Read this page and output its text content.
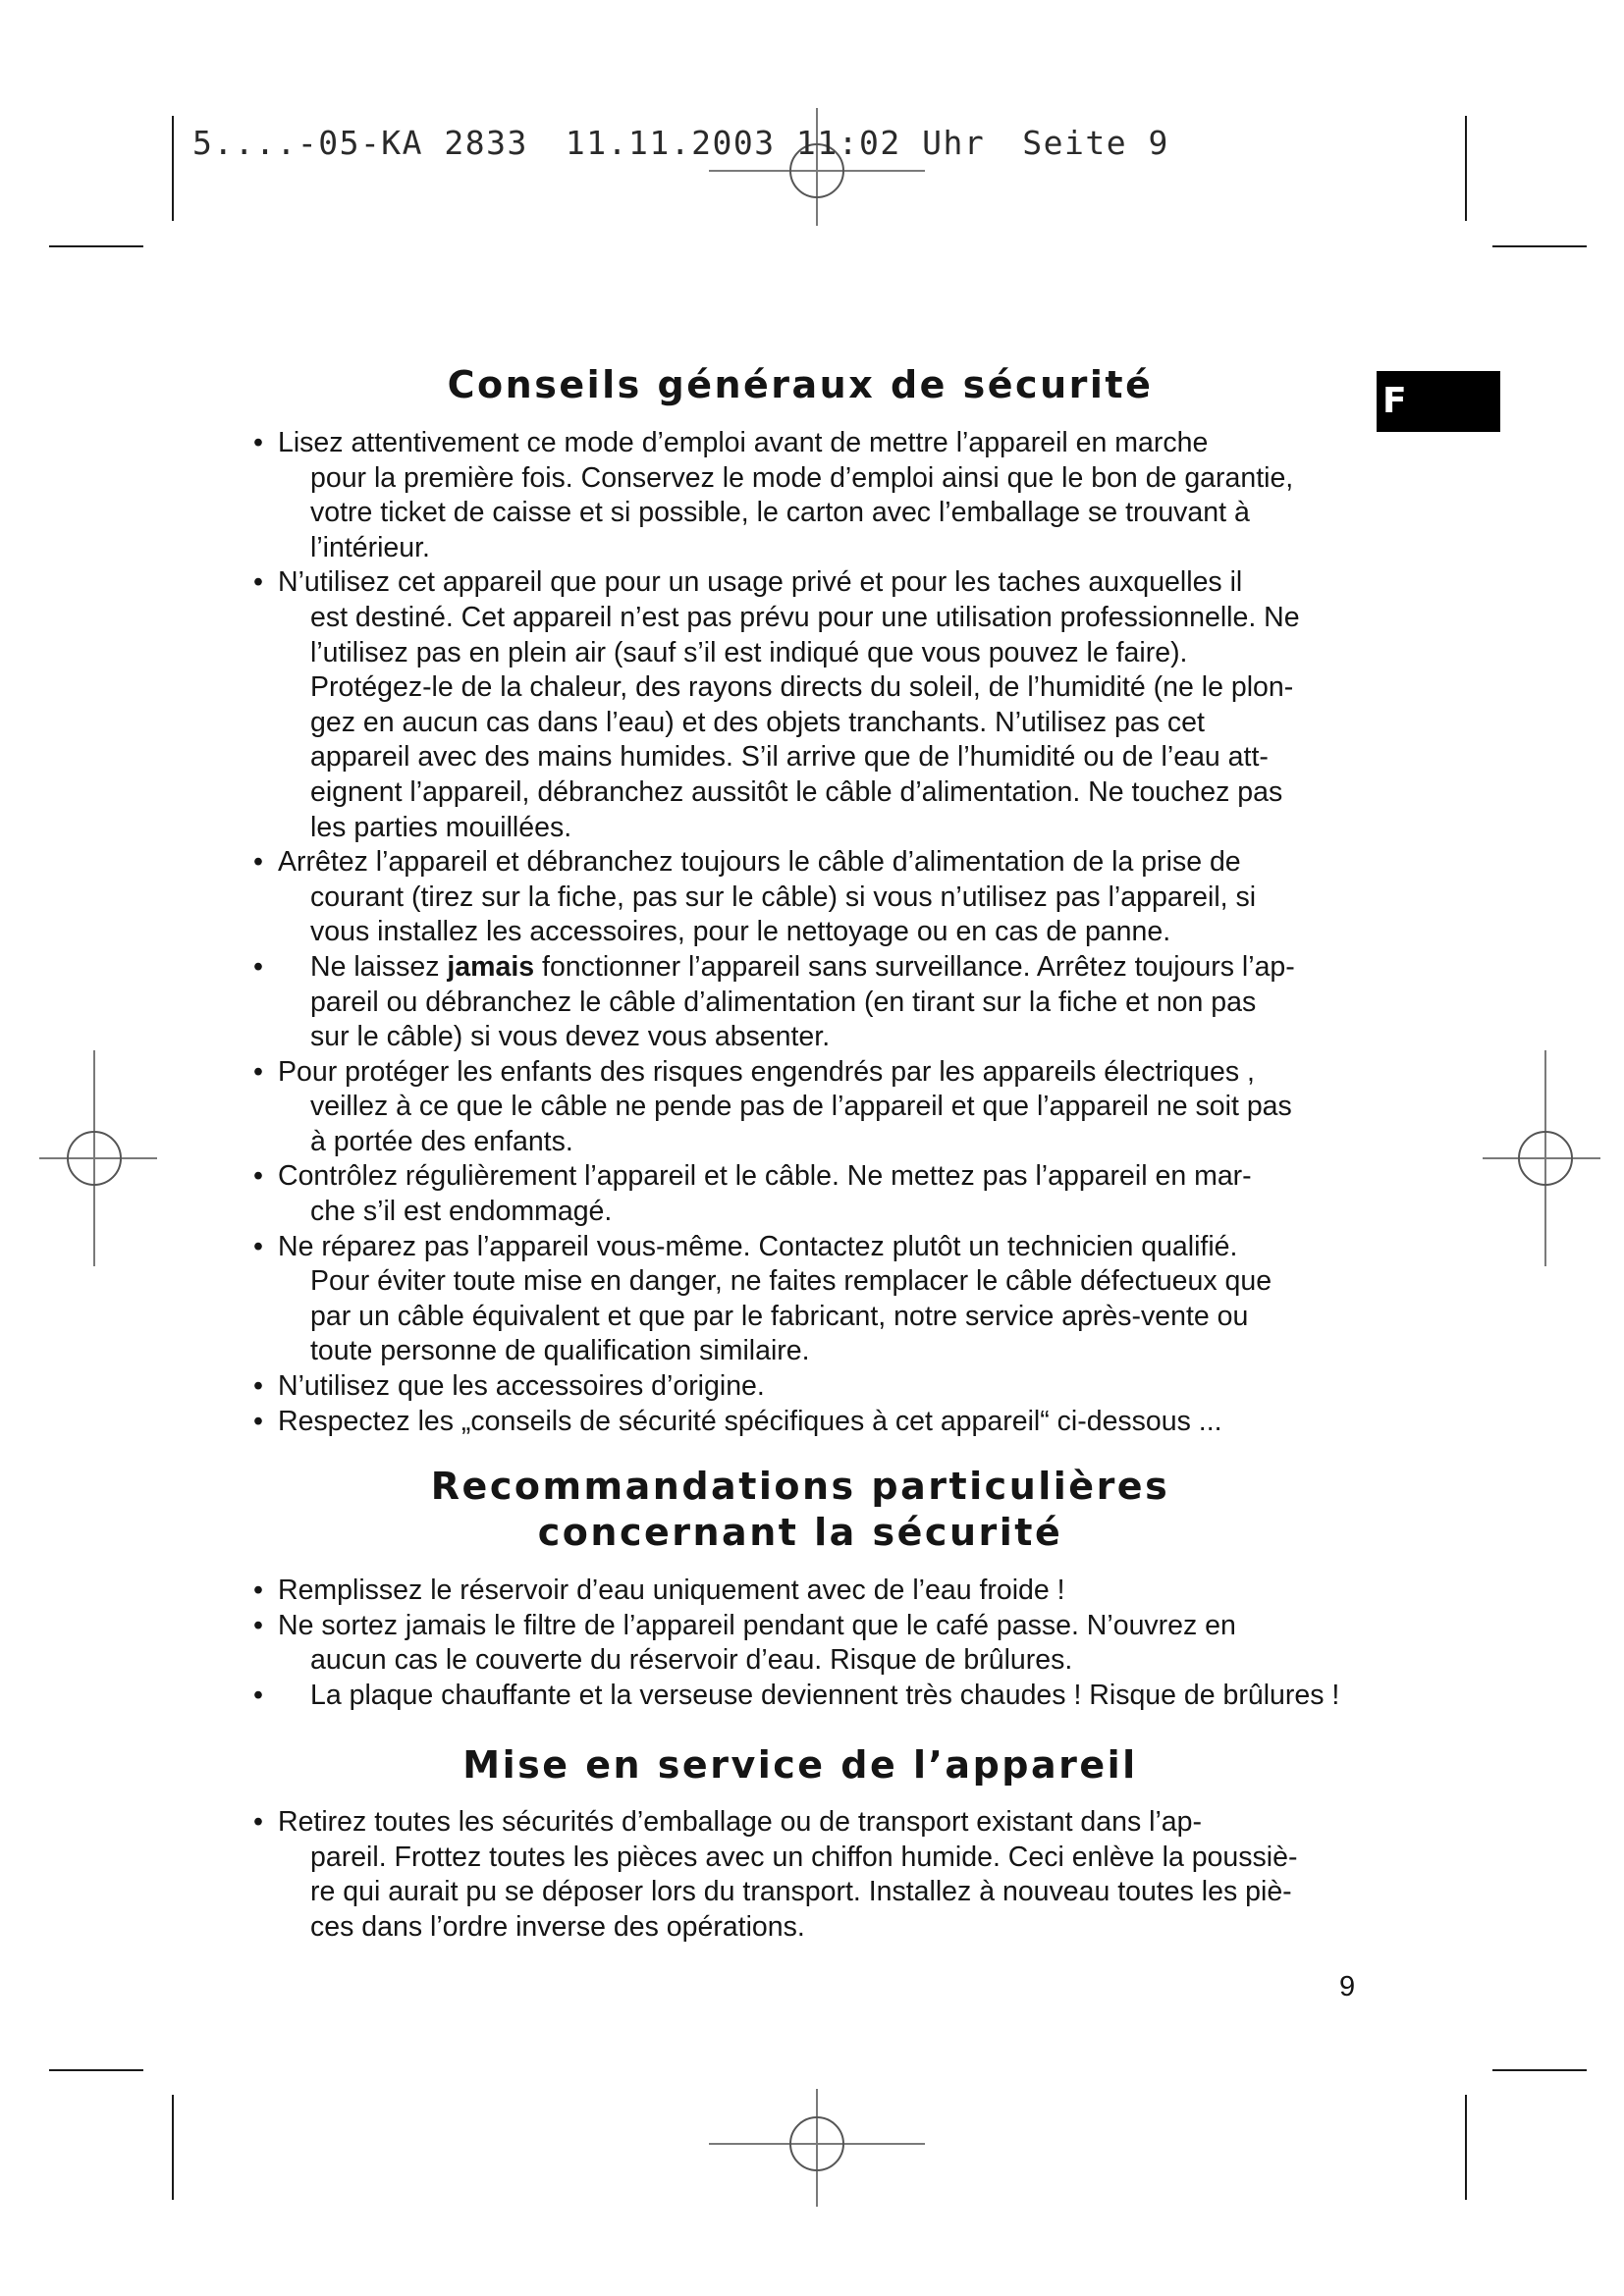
5....-05-KA 2833 11.11.2003 11:02 Uhr Seite 9
F
Conseils généraux de sécurité
• Lisez attentivement ce mode d’emploi avant de mettre l’appareil en marche
pour la première fois. Conservez le mode d’emploi ainsi que le bon de garantie,
votre ticket de caisse et si possible, le carton avec l’emballage se trouvant à
l’intérieur.
• N’utilisez cet appareil que pour un usage privé et pour les taches auxquelles il
est destiné. Cet appareil n’est pas prévu pour une utilisation professionnelle. Ne
l’utilisez pas en plein air (sauf s’il est indiqué que vous pouvez le faire).
Protégez-le de la chaleur, des rayons directs du soleil, de l’humidité (ne le plon-
gez en aucun cas dans l’eau) et des objets tranchants. N’utilisez pas cet
appareil avec des mains humides. S’il arrive que de l’humidité ou de l’eau att-
eignent l’appareil, débranchez aussitôt le câble d’alimentation. Ne touchez pas
les parties mouillées.
• Arrêtez l’appareil et débranchez toujours le câble d’alimentation de la prise de
courant (tirez sur la fiche, pas sur le câble) si vous n’utilisez pas l’appareil, si
vous installez les accessoires, pour le nettoyage ou en cas de panne.
•	Ne laissez jamais fonctionner l’appareil sans surveillance. Arrêtez toujours l’ap-
pareil ou débranchez le câble d’alimentation (en tirant sur la fiche et non pas
sur le câble) si vous devez vous absenter.
• Pour protéger les enfants des risques engendrés par les appareils électriques ,
veillez à ce que le câble ne pende pas de l’appareil et que l’appareil ne soit pas
à portée des enfants.
• Contrôlez régulièrement l’appareil et le câble. Ne mettez pas l’appareil en mar-
che s’il est endommagé.
• Ne réparez pas l’appareil vous-même. Contactez plutôt un technicien qualifié.
Pour éviter toute mise en danger, ne faites remplacer le câble défectueux que
par un câble équivalent et que par le fabricant, notre service après-vente ou
toute personne de qualification similaire.
• N’utilisez que les accessoires d’origine.
• Respectez les „conseils de sécurité spécifiques à cet appareil“ ci-dessous ...
Recommandations particulières
concernant la sécurité
• Remplissez le réservoir d’eau uniquement avec de l’eau froide !
• Ne sortez jamais le filtre de l’appareil pendant que le café passe. N’ouvrez en
aucun cas le couverte du réservoir d’eau. Risque de brûlures.
•	La plaque chauffante et la verseuse deviennent très chaudes ! Risque de brûlures !
Mise en service de l’appareil
• Retirez toutes les sécurités d’emballage ou de transport existant dans l’ap-
pareil. Frottez toutes les pièces avec un chiffon humide. Ceci enlève la poussiè-
re qui aurait pu se déposer lors du transport. Installez à nouveau toutes les piè-
ces dans l’ordre inverse des opérations.
9
